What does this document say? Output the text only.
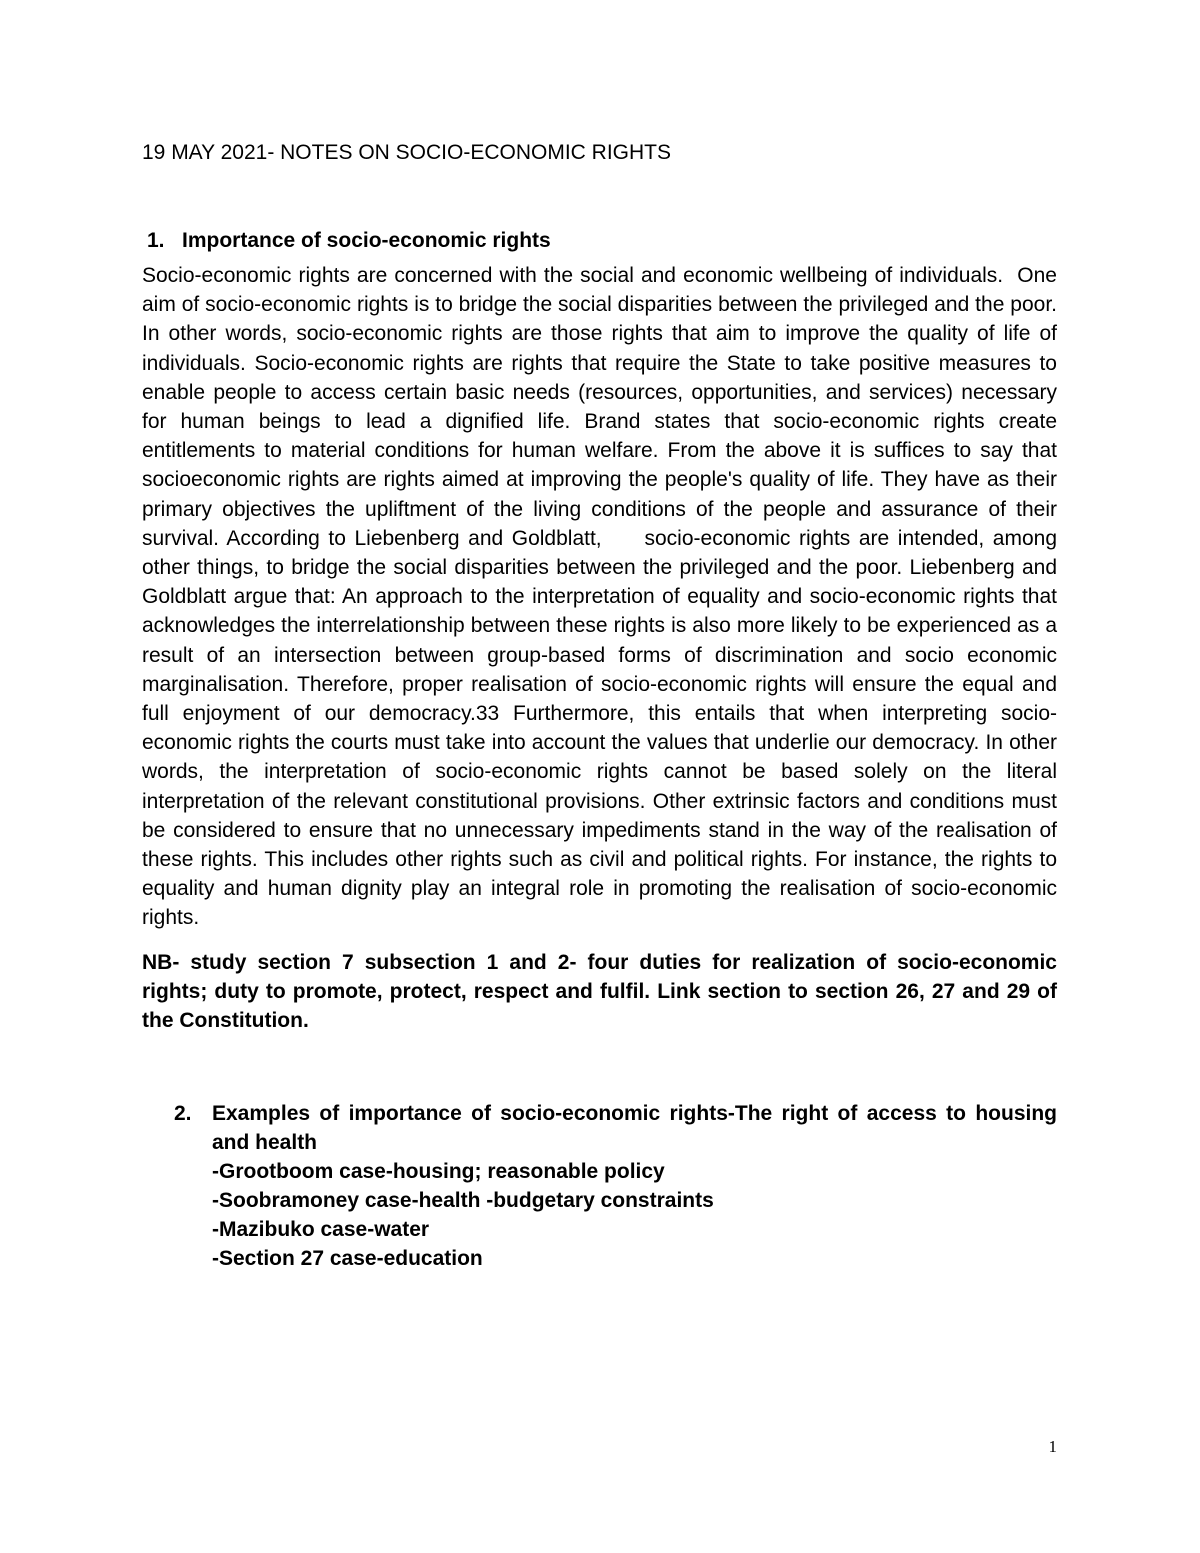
19 MAY 2021- NOTES ON SOCIO-ECONOMIC RIGHTS

1. Importance of socio-economic rights

Socio-economic rights are concerned with the social and economic wellbeing of individuals.  One aim of socio-economic rights is to bridge the social disparities between the privileged and the poor.  In other words, socio-economic rights are those rights that aim to improve the quality of life of individuals. Socio-economic rights are rights that require the State to take positive measures to enable people to access certain basic needs (resources, opportunities, and services) necessary for human beings to lead a dignified life. Brand states that socio-economic rights create entitlements to material conditions for human welfare. From the above it is suffices to say that socioeconomic rights are rights aimed at improving the people's quality of life. They have as their primary objectives the upliftment of the living conditions of the people and assurance of their survival. According to Liebenberg and Goldblatt,     socio-economic rights are intended, among other things, to bridge the social disparities between the privileged and the poor. Liebenberg and Goldblatt argue that: An approach to the interpretation of equality and socio-economic rights that acknowledges the interrelationship between these rights is also more likely to be experienced as a result of an intersection between group-based forms of discrimination and socio economic marginalisation. Therefore, proper realisation of socio-economic rights will ensure the equal and full enjoyment of our democracy.33 Furthermore, this entails that when interpreting socio-economic rights the courts must take into account the values that underlie our democracy. In other words, the interpretation of socio-economic rights cannot be based solely on the literal interpretation of the relevant constitutional provisions. Other extrinsic factors and conditions must be considered to ensure that no unnecessary impediments stand in the way of the realisation of these rights. This includes other rights such as civil and political rights. For instance, the rights to equality and human dignity play an integral role in promoting the realisation of socio-economic rights.

NB- study section 7 subsection 1 and 2- four duties for realization of socio-economic rights; duty to promote, protect, respect and fulfil. Link section to section 26, 27 and 29 of the Constitution.

2. Examples of importance of socio-economic rights-The right of access to housing and health

-Grootboom case-housing; reasonable policy

-Soobramoney case-health -budgetary constraints

-Mazibuko case-water

-Section 27 case-education

1
